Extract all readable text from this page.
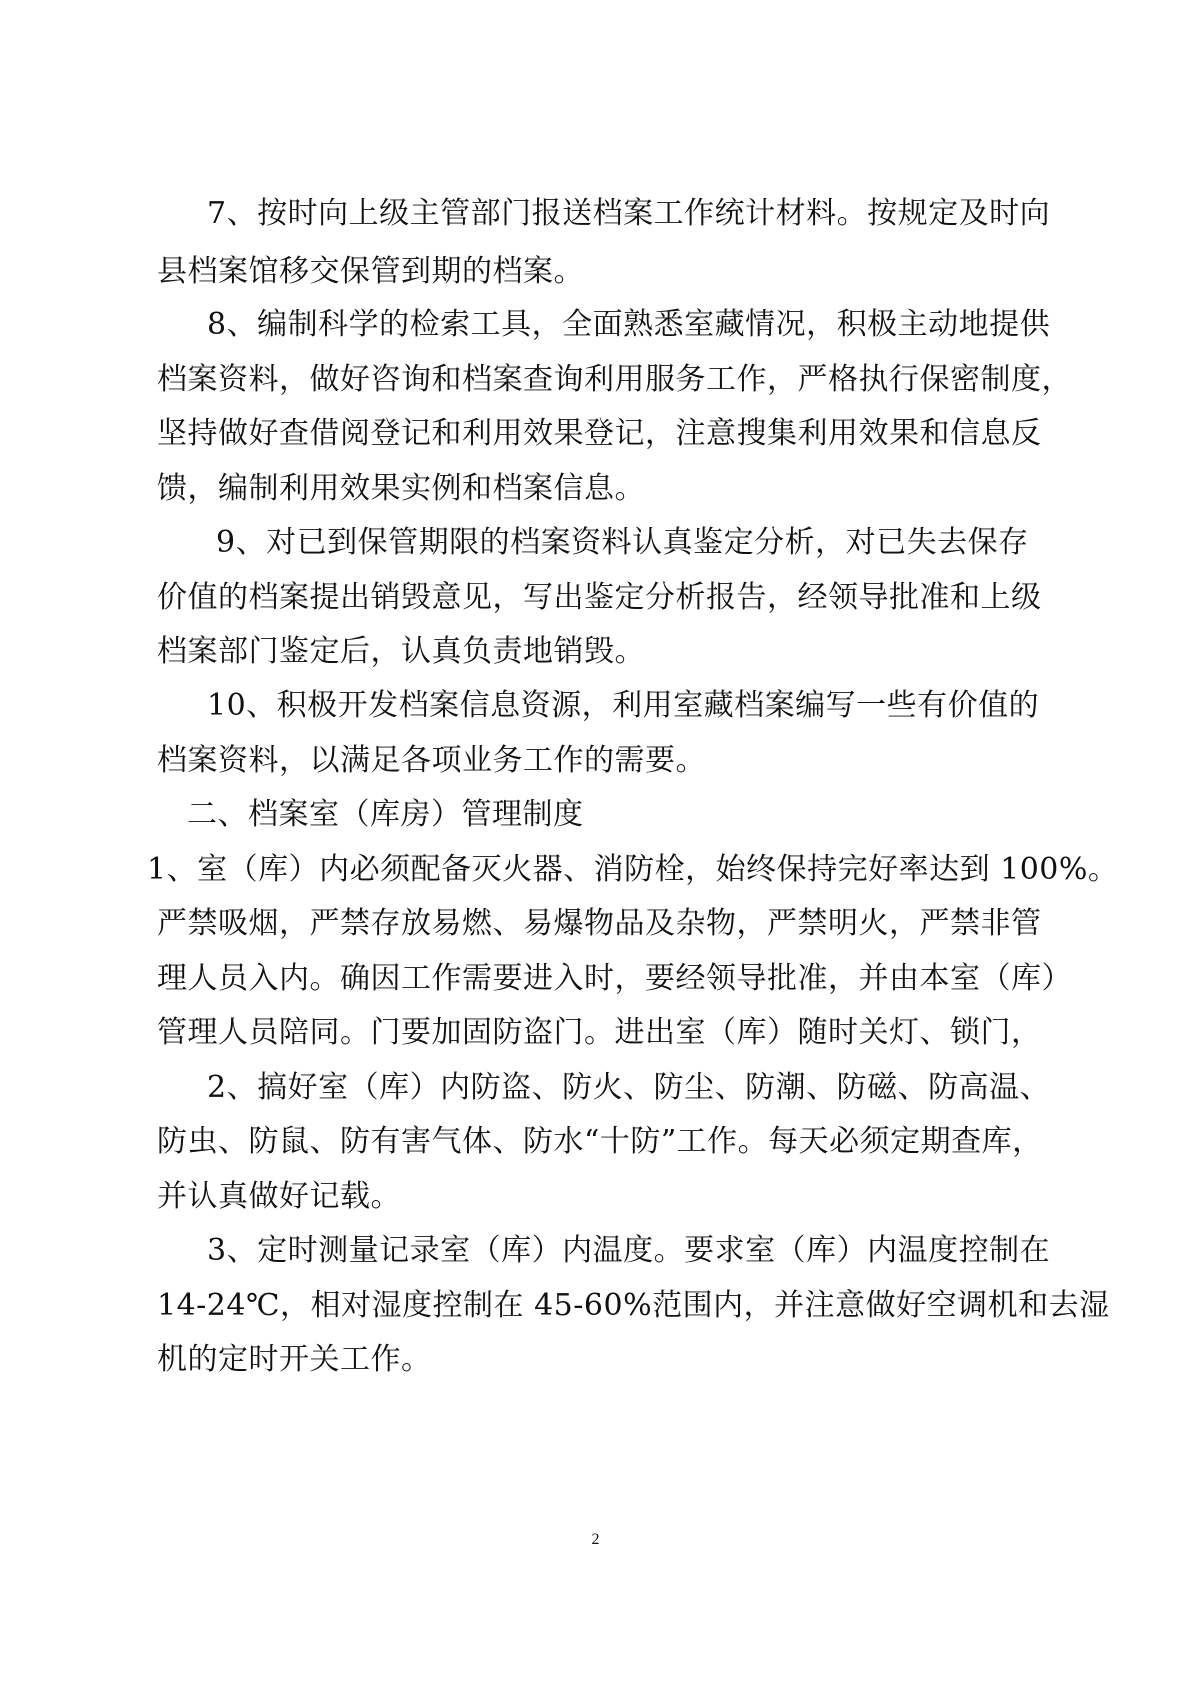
7、按时向上级主管部门报送档案工作统计材料。按规定及时向
县档案馆移交保管到期的档案。
8、编制科学的检索工具，全面熟悉室藏情况，积极主动地提供
档案资料，做好咨询和档案查询利用服务工作，严格执行保密制度，
坚持做好查借阅登记和利用效果登记，注意搜集利用效果和信息反
馈，编制利用效果实例和档案信息。
9、对已到保管期限的档案资料认真鉴定分析，对已失去保存
价值的档案提出销毁意见，写出鉴定分析报告，经领导批准和上级
档案部门鉴定后，认真负责地销毁。
10、积极开发档案信息资源，利用室藏档案编写一些有价值的
档案资料，以满足各项业务工作的需要。
二、档案室（库房）管理制度
1、室（库）内必须配备灭火器、消防栓，始终保持完好率达到 100%。
严禁吸烟，严禁存放易燃、易爆物品及杂物，严禁明火，严禁非管
理人员入内。确因工作需要进入时，要经领导批准，并由本室（库）
管理人员陪同。门要加固防盗门。进出室（库）随时关灯、锁门，
2、搞好室（库）内防盗、防火、防尘、防潮、防磁、防高温、
防虫、防鼠、防有害气体、防水“十防”工作。每天必须定期查库，
并认真做好记载。
3、定时测量记录室（库）内温度。要求室（库）内温度控制在
14-24℃，相对湿度控制在 45-60%范围内，并注意做好空调机和去湿
机的定时开关工作。
2
